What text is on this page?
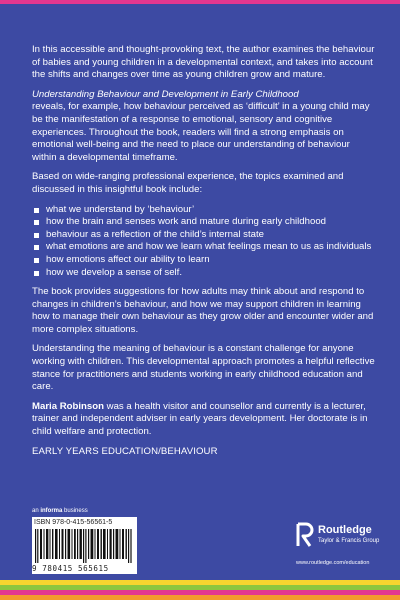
In this accessible and thought-provoking text, the author examines the behaviour of babies and young children in a developmental context, and takes into account the shifts and changes over time as young children grow and mature.

Understanding Behaviour and Development in Early Childhood
reveals, for example, how behaviour perceived as ‘difficult’ in a young child may be the manifestation of a response to emotional, sensory and cognitive experiences. Throughout the book, readers will find a strong emphasis on emotional well-being and the need to place our understanding of behaviour within a developmental timeframe.

Based on wide-ranging professional experience, the topics examined and discussed in this insightful book include:

what we understand by ‘behaviour’
how the brain and senses work and mature during early childhood
behaviour as a reflection of the child’s internal state
what emotions are and how we learn what feelings mean to us as individuals
how emotions affect our ability to learn
how we develop a sense of self.

The book provides suggestions for how adults may think about and respond to changes in children’s behaviour, and how we may support children in learning how to manage their own behaviour as they grow older and encounter wider and more complex situations.

Understanding the meaning of behaviour is a constant challenge for anyone working with children. This developmental approach promotes a helpful reflective stance for practitioners and students working in early childhood education and care.

Maria Robinson was a health visitor and counsellor and currently is a lecturer, trainer and independent adviser in early years development. Her doctorate is in child welfare and protection.

EARLY YEARS EDUCATION/BEHAVIOUR

an informa business
ISBN 978-0-415-56561-5
9 780415 565615
Routledge
Taylor & Francis Group
www.routledge.com/education
